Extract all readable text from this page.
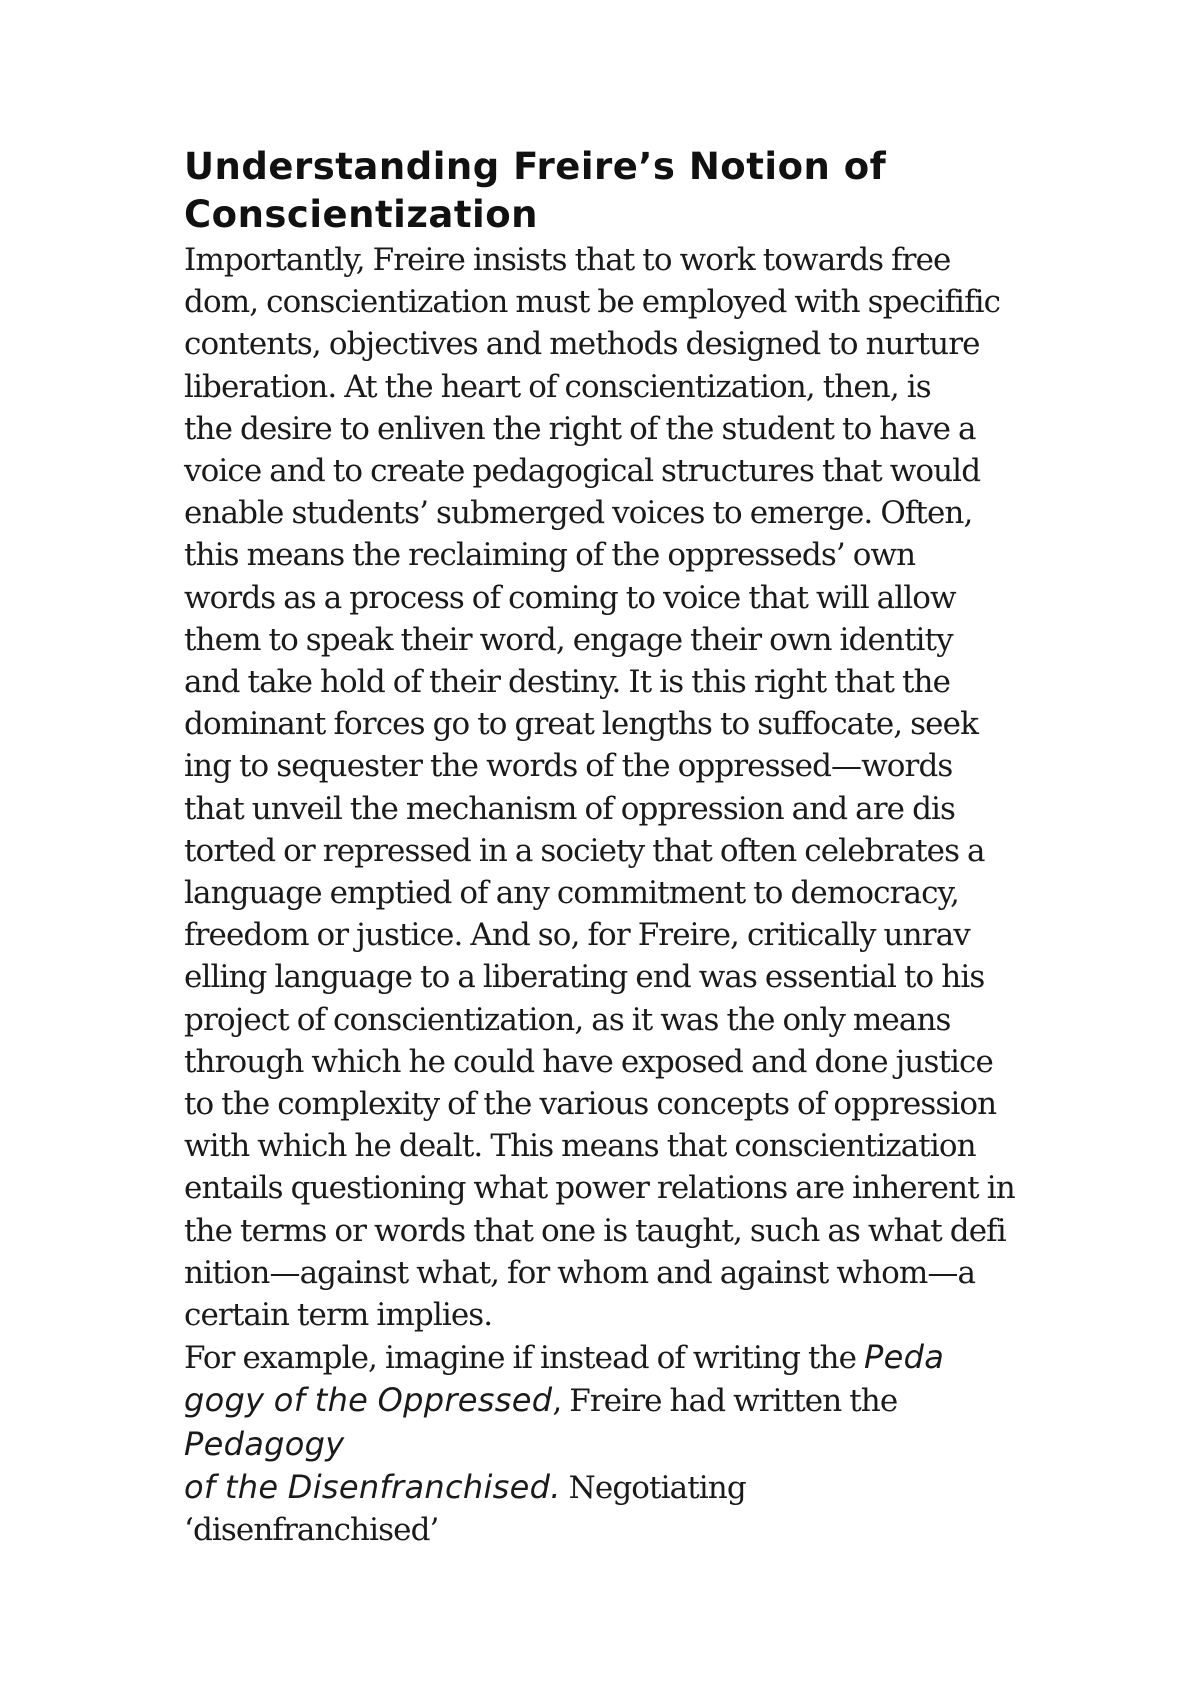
Understanding Freire’s Notion of
Conscientization

Importantly, Freire insists that to work towards free
dom, conscientization must be employed with specifific
contents, objectives and methods designed to nurture
liberation. At the heart of conscientization, then, is
the desire to enliven the right of the student to have a
voice and to create pedagogical structures that would
enable students’ submerged voices to emerge. Often,
this means the reclaiming of the oppresseds’ own
words as a process of coming to voice that will allow
them to speak their word, engage their own identity
and take hold of their destiny. It is this right that the
dominant forces go to great lengths to suffocate, seek
ing to sequester the words of the oppressed—words
that unveil the mechanism of oppression and are dis
torted or repressed in a society that often celebrates a
language emptied of any commitment to democracy,
freedom or justice. And so, for Freire, critically unrav
elling language to a liberating end was essential to his
project of conscientization, as it was the only means
through which he could have exposed and done justice
to the complexity of the various concepts of oppression
with which he dealt. This means that conscientization
entails questioning what power relations are inherent in
the terms or words that one is taught, such as what defi
nition—against what, for whom and against whom—a
certain term implies.

For example, imagine if instead of writing the Peda
gogy of the Oppressed, Freire had written the
Pedagogy
of the Disenfranchised. Negotiating
‘disenfranchised’
